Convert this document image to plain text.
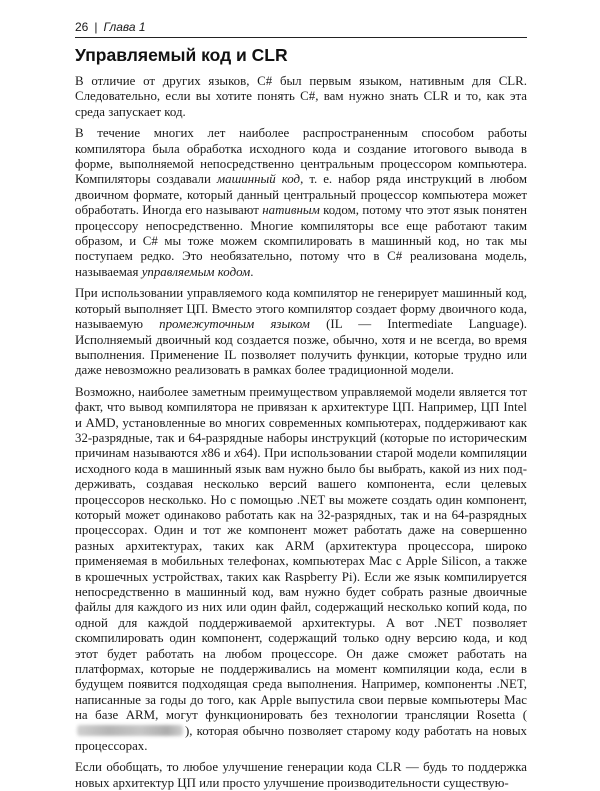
26 | Глава 1
Управляемый код и CLR

В отличие от других языков, C# был первым языком, нативным для CLR. Следовательно, если вы хотите понять C#, вам нужно знать CLR и то, как эта среда запускает код.

В течение многих лет наиболее распространенным способом работы компилятора была обработка исходного кода и создание итогового вывода в форме, выполняемой непосредственно центральным процессором компьютера. Компиляторы создавали машинный код, т. е. набор ряда инструкций в любом двоичном формате, который данный центральный процессор компьютера может обработать. Иногда его называют нативным кодом, потому что этот язык понятен процессору непосредственно. Многие компиляторы все еще работают таким образом, и C# мы тоже можем скомпилировать в машинный код, но так мы поступаем редко. Это необязательно, потому что в C# реализована модель, называемая управляемым кодом.

При использовании управляемого кода компилятор не генерирует машинный код, который выполняет ЦП. Вместо этого компилятор создает форму двоичного кода, называемую промежуточным языком (IL — Intermediate Language). Исполняемый двоичный код создается позже, обычно, хотя и не всегда, во время выполнения. Применение IL позволяет получить функции, которые трудно или даже невозможно реализовать в рамках более традиционной модели.

Возможно, наиболее заметным преимуществом управляемой модели является тот факт, что вывод компилятора не привязан к архитектуре ЦП. Например, ЦП Intel и AMD, установленные во многих современных компьютерах, поддерживают как 32-разрядные, так и 64-разрядные наборы инструкций (которые по историческим причинам называются x86 и x64). При использовании старой модели компиляции исходного кода в машинный язык вам нужно было бы выбрать, какой из них поддерживать, создавая несколько версий вашего компонента, если целевых процессоров несколько. Но с помощью .NET вы можете создать один компонент, который может одинаково работать как на 32-разрядных, так и на 64-разрядных процессорах. Один и тот же компонент может работать даже на совершенно разных архитектурах, таких как ARM (архитектура процессора, широко применяемая в мобильных телефонах, компьютерах Mac с Apple Silicon, а также в крошечных устройствах, таких как Raspberry Pi). Если же язык компилируется непосредственно в машинный код, вам нужно будет собрать разные двоичные файлы для каждого из них или один файл, содержащий несколько копий кода, по одной для каждой поддерживаемой архитектуры. А вот .NET позволяет скомпилировать один компонент, содержащий только одну версию кода, и код этот будет работать на любом процессоре. Он даже сможет работать на платформах, которые не поддерживались на момент компиляции кода, если в будущем появится подходящая среда выполнения. Например, компоненты .NET, написанные за годы до того, как Apple выпустила свои первые компьютеры Mac на базе ARM, могут функционировать без технологии трансляции Rosetta (), которая обычно позволяет старому коду работать на новых процессорах.

Если обобщать, то любое улучшение генерации кода CLR — будь то поддержка новых архитектур ЦП или просто улучшение производительности существую-
